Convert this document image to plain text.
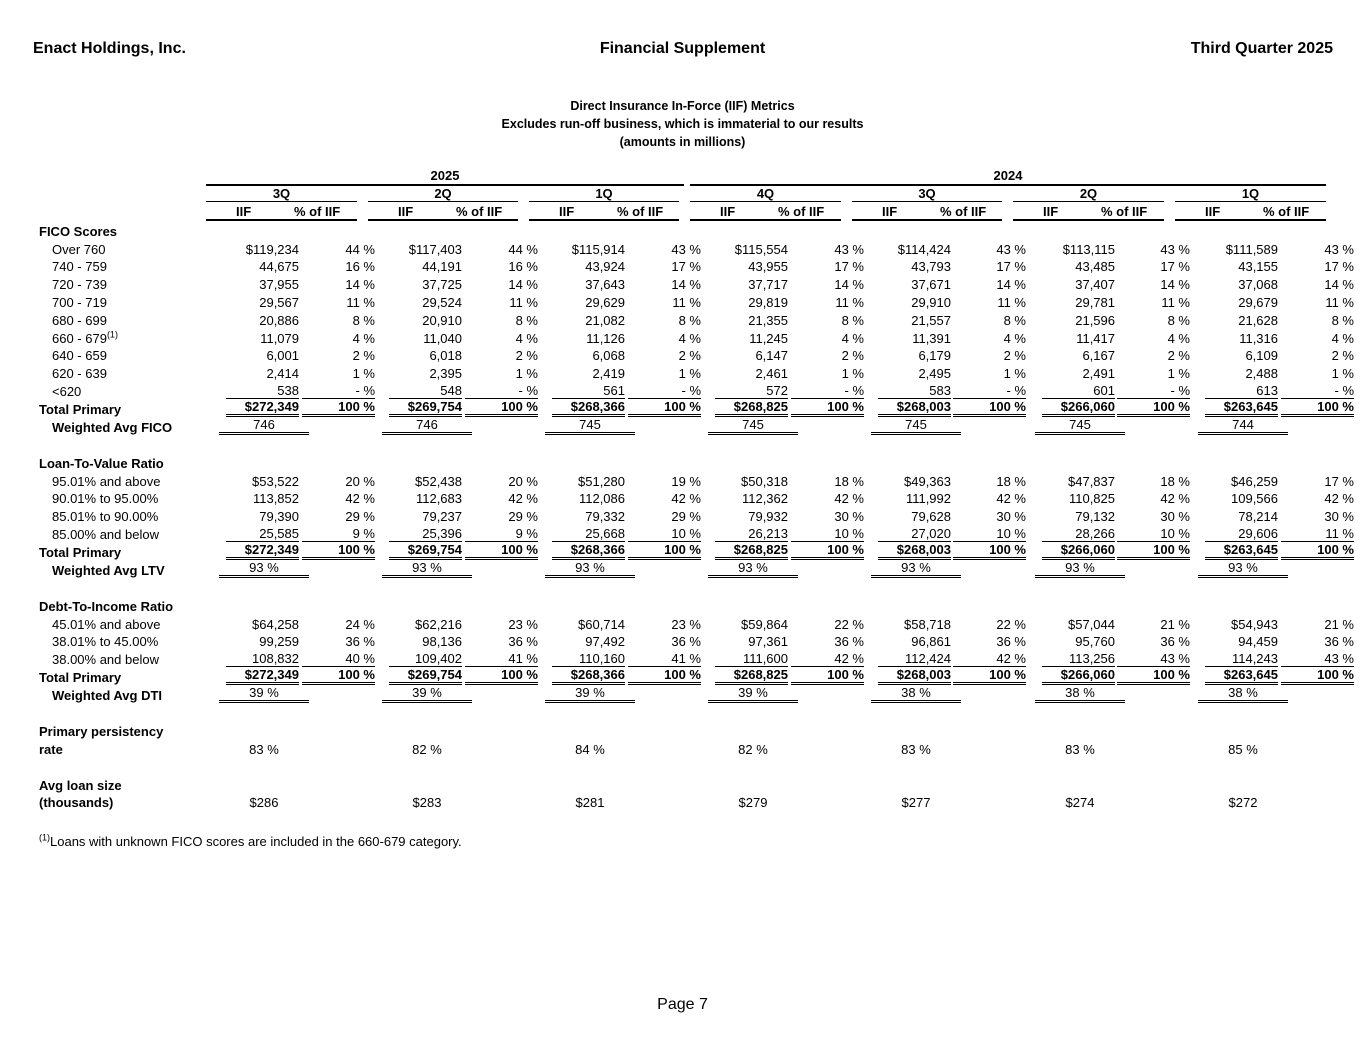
Enact Holdings, Inc.	Financial Supplement	Third Quarter 2025
Direct Insurance In-Force (IIF) Metrics
Excludes run-off business, which is immaterial to our results
(amounts in millions)
2025	2024
3Q
IIF	% of IIF
2Q
IIF	% of IIF
1Q
IIF	% of IIF
4Q
IIF	% of IIF
3Q
IIF	% of IIF
2Q
IIF	% of IIF
1Q
IIF	% of IIF
FICO Scores														
Over 760	$119,234	44 %	$117,403	44 %	$115,914	43 %	$115,554	43 %	$114,424	43 %	$113,115	43 %	$111,589	43 %
740 - 759	44,675	16 %	44,191	16 %	43,924	17 %	43,955	17 %	43,793	17 %	43,485	17 %	43,155	17 %
720 - 739	37,955	14 %	37,725	14 %	37,643	14 %	37,717	14 %	37,671	14 %	37,407	14 %	37,068	14 %
700 - 719	29,567	11 %	29,524	11 %	29,629	11 %	29,819	11 %	29,910	11 %	29,781	11 %	29,679	11 %
680 - 699	20,886	8 %	20,910	8 %	21,082	8 %	21,355	8 %	21,557	8 %	21,596	8 %	21,628	8 %
660 - 679$^{(1)}$	11,079	4 %	11,040	4 %	11,126	4 %	11,245	4 %	11,391	4 %	11,417	4 %	11,316	4 %
640 - 659	6,001	2 %	6,018	2 %	6,068	2 %	6,147	2 %	6,179	2 %	6,167	2 %	6,109	2 %
620 - 639	2,414	1 %	2,395	1 %	2,419	1 %	2,461	1 %	2,495	1 %	2,491	1 %	2,488	1 %
<620	538	- %	548	- %	561	- %	572	- %	583	- %	601	- %	613	- %
Total Primary	$272,349	100 %	$269,754	100 %	$268,366	100 %	$268,825	100 %	$268,003	100 %	$266,060	100 %	$263,645	100 %
Weighted Avg FICO	746		746		745		745		745		745		744	

Loan-To-Value Ratio														
95.01% and above	$53,522	20 %	$52,438	20 %	$51,280	19 %	$50,318	18 %	$49,363	18 %	$47,837	18 %	$46,259	17 %
90.01% to 95.00%	113,852	42 %	112,683	42 %	112,086	42 %	112,362	42 %	111,992	42 %	110,825	42 %	109,566	42 %
85.01% to 90.00%	79,390	29 %	79,237	29 %	79,332	29 %	79,932	30 %	79,628	30 %	79,132	30 %	78,214	30 %
85.00% and below	25,585	9 %	25,396	9 %	25,668	10 %	26,213	10 %	27,020	10 %	28,266	10 %	29,606	11 %
Total Primary	$272,349	100 %	$269,754	100 %	$268,366	100 %	$268,825	100 %	$268,003	100 %	$266,060	100 %	$263,645	100 %
Weighted Avg LTV	93 %		93 %		93 %		93 %		93 %		93 %		93 %	

Debt-To-Income Ratio														
45.01% and above	$64,258	24 %	$62,216	23 %	$60,714	23 %	$59,864	22 %	$58,718	22 %	$57,044	21 %	$54,943	21 %
38.01% to 45.00%	99,259	36 %	98,136	36 %	97,492	36 %	97,361	36 %	96,861	36 %	95,760	36 %	94,459	36 %
38.00% and below	108,832	40 %	109,402	41 %	110,160	41 %	111,600	42 %	112,424	42 %	113,256	43 %	114,243	43 %
Total Primary	$272,349	100 %	$269,754	100 %	$268,366	100 %	$268,825	100 %	$268,003	100 %	$266,060	100 %	$263,645	100 %
Weighted Avg DTI	39 %		39 %		39 %		39 %		38 %		38 %		38 %	

Primary persistency														
rate	83 %		82 %		84 %		82 %		83 %		83 %		85 %	

Avg loan size														
(thousands)	$286		$283		$281		$279		$277		$274		$272	
$^{(1)}$Loans with unknown FICO scores are included in the 660-679 category.
Page 7
